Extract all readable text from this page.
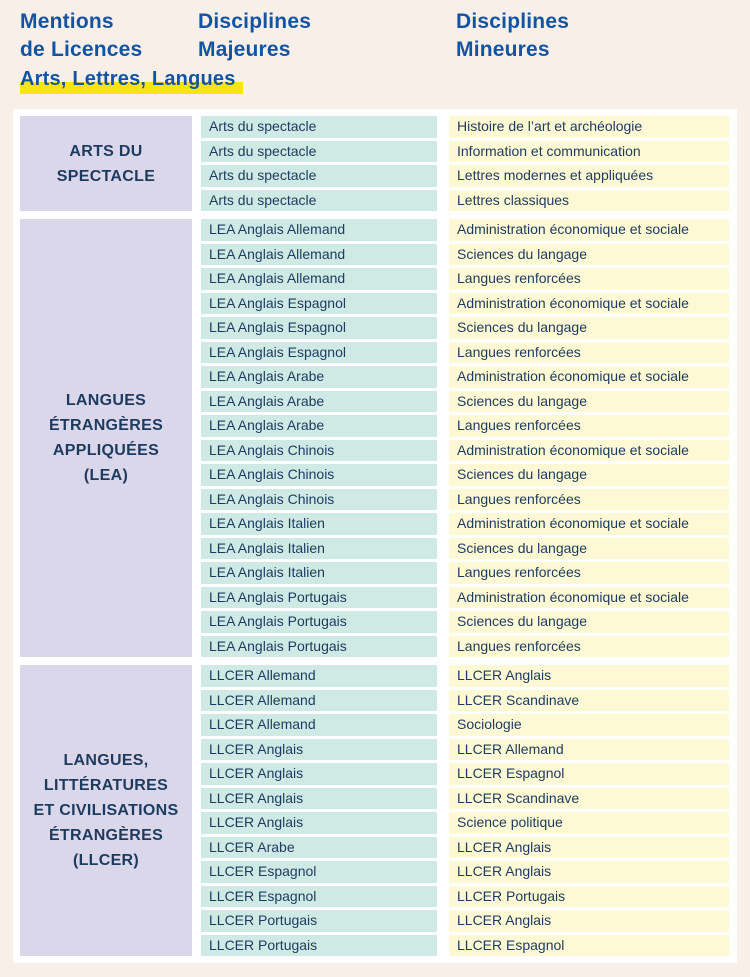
Mentions
de Licences
Disciplines
Majeures
Disciplines
Mineures
Arts, Lettres, Langues
ARTS DU
SPECTACLE
Arts du spectacle	Histoire de l’art et archéologie
Arts du spectacle	Information et communication
Arts du spectacle	Lettres modernes et appliquées
Arts du spectacle	Lettres classiques
LANGUES
ÉTRANGÈRES
APPLIQUÉES
(LEA)
LEA Anglais Allemand	Administration économique et sociale
LEA Anglais Allemand	Sciences du langage
LEA Anglais Allemand	Langues renforcées
LEA Anglais Espagnol	Administration économique et sociale
LEA Anglais Espagnol	Sciences du langage
LEA Anglais Espagnol	Langues renforcées
LEA Anglais Arabe	Administration économique et sociale
LEA Anglais Arabe	Sciences du langage
LEA Anglais Arabe	Langues renforcées
LEA Anglais Chinois	Administration économique et sociale
LEA Anglais Chinois	Sciences du langage
LEA Anglais Chinois	Langues renforcées
LEA Anglais Italien	Administration économique et sociale
LEA Anglais Italien	Sciences du langage
LEA Anglais Italien	Langues renforcées
LEA Anglais Portugais	Administration économique et sociale
LEA Anglais Portugais	Sciences du langage
LEA Anglais Portugais	Langues renforcées
LANGUES,
LITTÉRATURES
ET CIVILISATIONS
ÉTRANGÈRES
(LLCER)
LLCER Allemand	LLCER Anglais
LLCER Allemand	LLCER Scandinave
LLCER Allemand	Sociologie
LLCER Anglais	LLCER Allemand
LLCER Anglais	LLCER Espagnol
LLCER Anglais	LLCER Scandinave
LLCER Anglais	Science politique
LLCER Arabe	LLCER Anglais
LLCER Espagnol	LLCER Anglais
LLCER Espagnol	LLCER Portugais
LLCER Portugais	LLCER Anglais
LLCER Portugais	LLCER Espagnol
